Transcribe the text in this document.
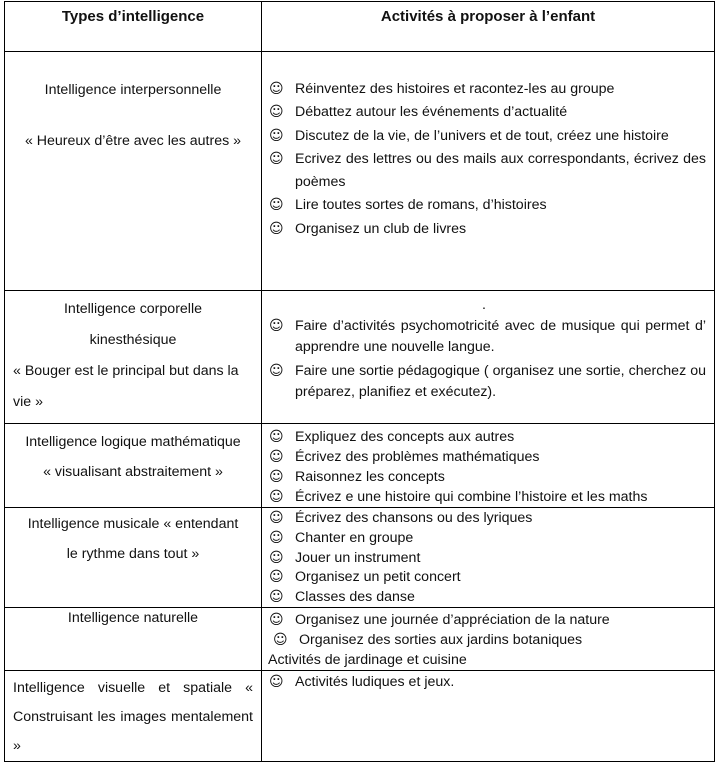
Types d’intelligence	Activités à proposer à l’enfant
Intelligence interpersonnelle
« Heureux d’être avec les autres »
☺ Réinventez des histoires et racontez-les au groupe
☺ Débattez autour les événements d’actualité
☺ Discutez de la vie, de l’univers et de tout, créez une histoire
☺ Ecrivez des lettres ou des mails aux correspondants, écrivez des poèmes
☺ Lire toutes sortes de romans, d’histoires
☺ Organisez un club de livres
Intelligence corporelle
kinesthésique
« Bouger est le principal but dans la vie »
.
☺ Faire d’activités psychomotricité avec de musique qui permet d’ apprendre une nouvelle langue.
☺ Faire une sortie pédagogique ( organisez une sortie, cherchez ou préparez, planifiez et exécutez).
Intelligence logique mathématique
« visualisant abstraitement »
☺ Expliquez des concepts aux autres
☺ Écrivez des problèmes mathématiques
☺ Raisonnez les concepts
☺ Écrivez e une histoire qui combine l’histoire et les maths
Intelligence musicale « entendant
le rythme dans tout »
☺ Écrivez des chansons ou des lyriques
☺ Chanter en groupe
☺ Jouer un instrument
☺ Organisez un petit concert
☺ Classes des danse
Intelligence naturelle	☺ Organisez une journée d’appréciation de la nature
☺ Organisez des sorties aux jardins botaniques
Activités de jardinage et cuisine
Intelligence visuelle et spatiale « Construisant les images mentalement »
☺ Activités ludiques et jeux.
